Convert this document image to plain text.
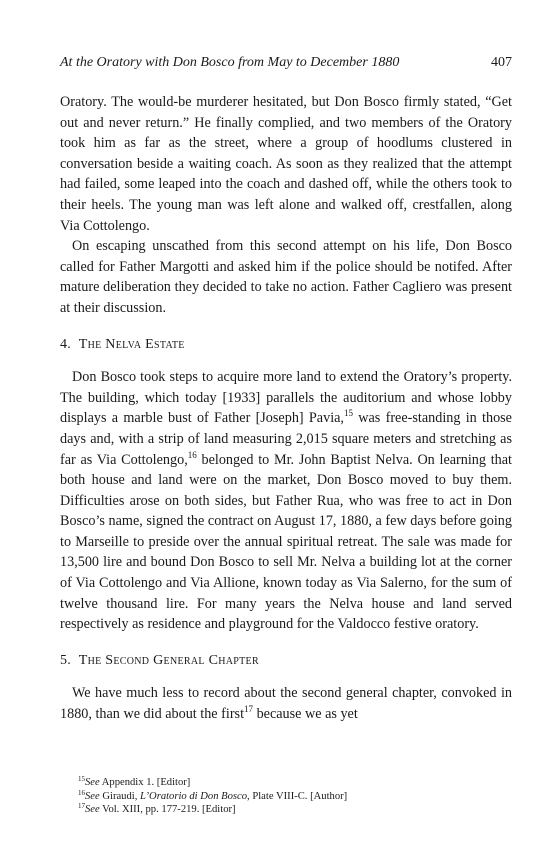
At the Oratory with Don Bosco from May to December 1880	407

Oratory. The would-be murderer hesitated, but Don Bosco firmly stated, “Get out and never return.” He finally complied, and two members of the Oratory took him as far as the street, where a group of hoodlums clustered in conversation beside a waiting coach. As soon as they realized that the attempt had failed, some leaped into the coach and dashed off, while the others took to their heels. The young man was left alone and walked off, crestfallen, along Via Cottolengo.

On escaping unscathed from this second attempt on his life, Don Bosco called for Father Margotti and asked him if the police should be notifed. After mature deliberation they decided to take no action. Father Cagliero was present at their discussion.

4. The Nelva Estate

Don Bosco took steps to acquire more land to extend the Oratory’s property. The building, which today [1933] parallels the auditorium and whose lobby displays a marble bust of Father [Joseph] Pavia,$^{15}$ was free-standing in those days and, with a strip of land measuring 2,015 square meters and stretching as far as Via Cottolengo,$^{16}$ belonged to Mr. John Baptist Nelva. On learning that both house and land were on the market, Don Bosco moved to buy them. Difficulties arose on both sides, but Father Rua, who was free to act in Don Bosco’s name, signed the contract on August 17, 1880, a few days before going to Marseille to preside over the annual spiritual retreat. The sale was made for 13,500 lire and bound Don Bosco to sell Mr. Nelva a building lot at the corner of Via Cottolengo and Via Allione, known today as Via Salerno, for the sum of twelve thousand lire. For many years the Nelva house and land served respectively as residence and playground for the Valdocco festive oratory.

5. The Second General Chapter

We have much less to record about the second general chapter, convoked in 1880, than we did about the first$^{17}$ because we as yet

$^{15}$See Appendix 1. [Editor]

$^{16}$See Giraudi, L’Oratorio di Don Bosco, Plate VIII-C. [Author]

$^{17}$See Vol. XIII, pp. 177-219. [Editor]
